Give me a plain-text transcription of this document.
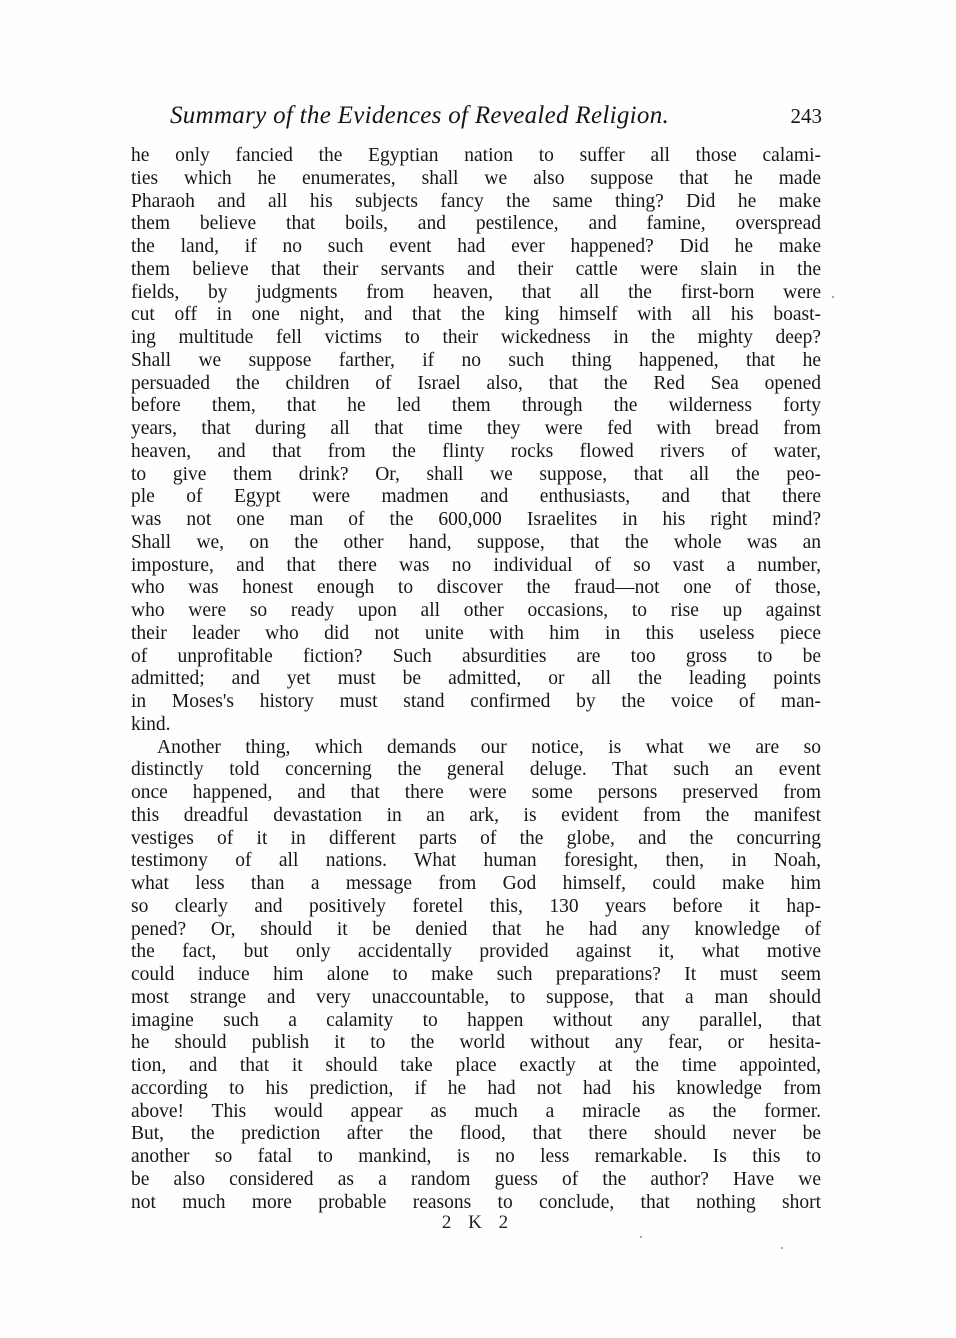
Summary of the Evidences of Revealed Religion.	243
he only fancied the Egyptian nation to suffer all those calami-
ties which he enumerates, shall we also suppose that he made
Pharaoh and all his subjects fancy the same thing? Did he make
them believe that boils, and pestilence, and famine, overspread
the land, if no such event had ever happened? Did he make
them believe that their servants and their cattle were slain in the
fields, by judgments from heaven, that all the first-born were
cut off in one night, and that the king himself with all his boast-
ing multitude fell victims to their wickedness in the mighty deep?
Shall we suppose farther, if no such thing happened, that he
persuaded the children of Israel also, that the Red Sea opened
before them, that he led them through the wilderness forty
years, that during all that time they were fed with bread from
heaven, and that from the flinty rocks flowed rivers of water,
to give them drink? Or, shall we suppose, that all the peo-
ple of Egypt were madmen and enthusiasts, and that there
was not one man of the 600,000 Israelites in his right mind?
Shall we, on the other hand, suppose, that the whole was an
imposture, and that there was no individual of so vast a number,
who was honest enough to discover the fraud—not one of those,
who were so ready upon all other occasions, to rise up against
their leader who did not unite with him in this useless piece
of unprofitable fiction? Such absurdities are too gross to be
admitted; and yet must be admitted, or all the leading points
in Moses's history must stand confirmed by the voice of man-
kind.
Another thing, which demands our notice, is what we are so
distinctly told concerning the general deluge. That such an event
once happened, and that there were some persons preserved from
this dreadful devastation in an ark, is evident from the manifest
vestiges of it in different parts of the globe, and the concurring
testimony of all nations. What human foresight, then, in Noah,
what less than a message from God himself, could make him
so clearly and positively foretel this, 130 years before it hap-
pened? Or, should it be denied that he had any knowledge of
the fact, but only accidentally provided against it, what motive
could induce him alone to make such preparations? It must seem
most strange and very unaccountable, to suppose, that a man should
imagine such a calamity to happen without any parallel, that
he should publish it to the world without any fear, or hesita-
tion, and that it should take place exactly at the time appointed,
according to his prediction, if he had not had his knowledge from
above! This would appear as much a miracle as the former.
But, the prediction after the flood, that there should never be
another so fatal to mankind, is no less remarkable. Is this to
be also considered as a random guess of the author? Have we
not much more probable reasons to conclude, that nothing short
2 K 2
